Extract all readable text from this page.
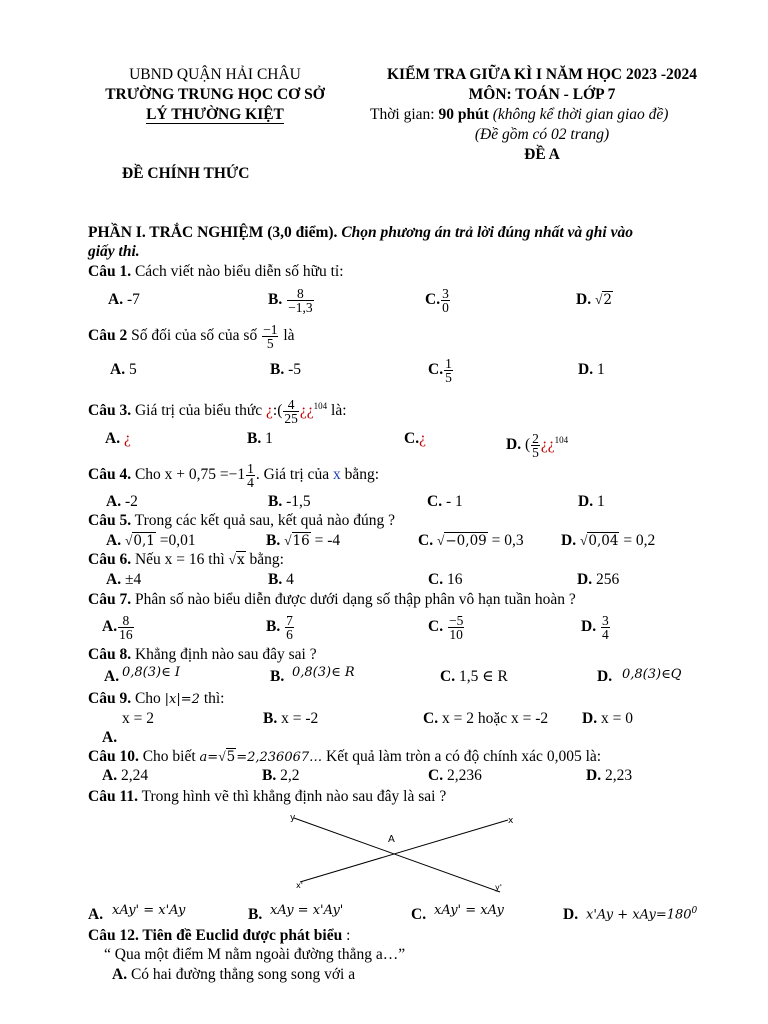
UBND QUẬN HẢI CHÂU
TRƯỜNG TRUNG HỌC CƠ SỞ
LÝ THƯỜNG KIỆT
KIỂM TRA GIỮA KÌ I NĂM HỌC 2023 -2024
MÔN: TOÁN - LỚP 7
Thời gian: 90 phút (không kể thời gian giao đề)
(Đề gồm có 02 trang)
ĐỀ A
ĐỀ CHÍNH THỨC
PHẦN I. TRẮC NGHIỆM (3,0 điểm). Chọn phương án trả lời đúng nhất và ghi vào
giấy thi.
Câu 1. Cách viết nào biểu diễn số hữu tỉ:
A. -7	B. $\frac{8}{-1,3}$	C. $\frac{3}{0}$	D. √2
Câu 2 Số đối của số của số $\frac{-1}{5}$ là
A. 5	B. -5	C. $\frac{1}{5}$	D. 1
Câu 3. Giá trị của biểu thức ¿:( $\frac{4}{25}$ ¿¿$^{104}$ là:
A. ¿	B. 1	C.¿	D. ( $\frac{2}{5}$ ¿¿$^{104}$
Câu 4. Cho $x + 0,75 =-1 \frac{1}{4}$ . Giá trị của x bằng:
A. -2	B. -1,5	C. - 1	D. 1
Câu 5. Trong các kết quả sau, kết quả nào đúng ?
A. √0,1 =0,01	B. √16 = -4	C. √−0,09 = 0,3 D. √0,04 = 0,2
Câu 6. Nếu x = 16 thì √x bằng:
A. ±4	B. 4	C. 16	D. 256
Câu 7. Phân số nào biểu diễn được dưới dạng số thập phân vô hạn tuần hoàn ?
A. $\frac{8}{16}$	B. $\frac{7}{6}$	C. $\frac{-5}{10}$	D. $\frac{3}{4}$
Câu 8. Khẳng định nào sau đây sai ?
A. 0,8(3)∈ I	B. 0,8(3)∈ R	C. 1,5 ∈ R	D. 0,8(3)∈Q
Câu 9. Cho |x|=2 thì:
x = 2
A.
B. x = -2	C. x = 2 hoặc x = -2 D. x = 0
Câu 10. Cho biết a=√5=2,236067… Kết quả làm tròn a có độ chính xác 0,005 là:
A. 2,24	B. 2,2	C. 2,236	D. 2,23
Câu 11. Trong hình vẽ thì khẳng định nào sau đây là sai ?
y	x
A
x'	y'
A. xAy' = x'Ay	B. xAy = x'Ay'	C. xAy' = xAy	D. $x'Ay + xAy=180^0$
Câu 12. Tiên đề Euclid được phát biểu :
“ Qua một điểm M nằm ngoài đường thẳng a…”
A. Có hai đường thẳng song song với a
